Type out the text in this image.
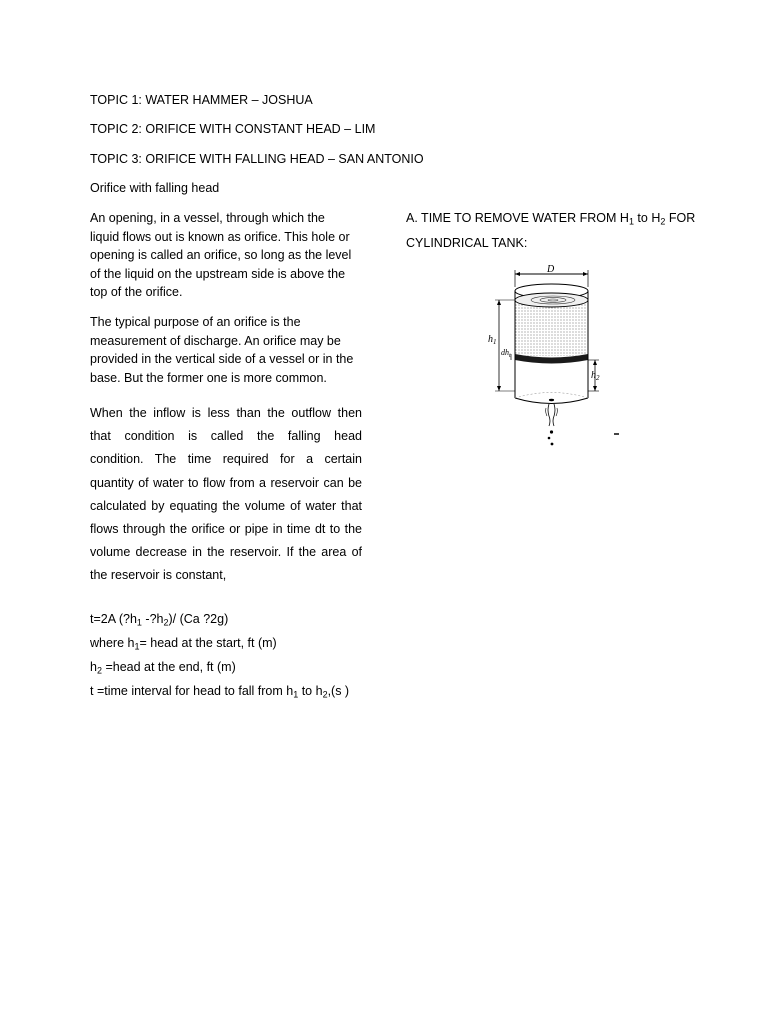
TOPIC 1: WATER HAMMER – JOSHUA
TOPIC 2: ORIFICE WITH CONSTANT HEAD – LIM
TOPIC 3: ORIFICE WITH FALLING HEAD – SAN ANTONIO
Orifice with falling head

An opening, in a vessel, through which the

liquid flows out is known as orifice. This hole or

opening is called an orifice, so long as the level

of the liquid on the upstream side is above the

top of the orifice.

The typical purpose of an orifice is the

measurement of discharge. An orifice may be

provided in the vertical side of a vessel or in the

base. But the former one is more common.

When the inflow is less than the outflow then

that condition is called the falling head

condition. The time required for a certain

quantity of water to flow from a reservoir can be

calculated by equating the volume of water that

flows through the orifice or pipe in time dt to the

volume decrease in the reservoir. If the area of

the reservoir is constant,

t=2A ($?h_1$ $-?h_2)/$ (Ca ?2g)
where $h_1=$ head at the start, ft (m)
$h_2$ =head at the end, ft (m)
t =time interval for head to fall from $h_1$ to $h_2,(s$ )
A. TIME TO REMOVE WATER FROM $H_1$ to $H_2$ FOR
CYLINDRICAL TANK:
D
$h_1$
$dh_t$
$h_2$
